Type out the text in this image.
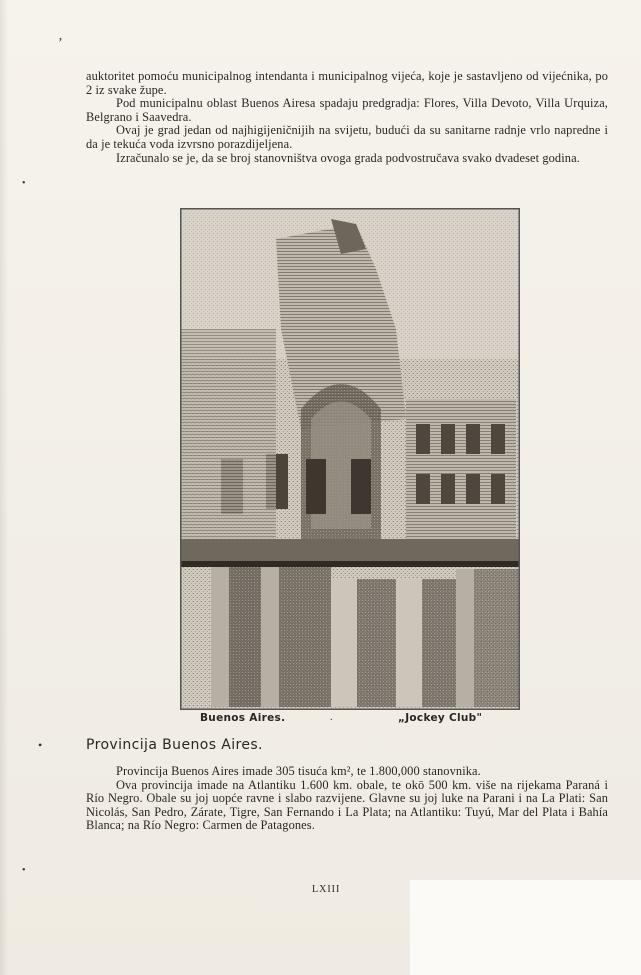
’
•
•
•

auktoritet pomoću municipalnog intendanta i municipalnog vijeća, koje je sastavljeno od vijećnika, po 2 iz svake župe.

Pod municipalnu oblast Buenos Airesa spadaju predgradja: Flores, Villa Devoto, Villa Urquiza, Belgrano i Saavedra.

Ovaj je grad jedan od najhigijeničnijih na svijetu, budući da su sanitarne radnje vrlo napredne i da je tekuća voda izvrsno porazdijeljena.

Izračunalo se je, da se broj stanovništva ovoga grada podvostručava svako dvadeset godina.

Buenos Aires.	.	„Jockey Club"
Provincija Buenos Aires.

Provincija Buenos Aires imade 305 tisuća km², te 1.800,000 stanovnika.

Ova provincija imade na Atlantiku 1.600 km. obale, te okō 500 km. više na rijekama Paraná i Río Negro. Obale su joj uopće ravne i slabo razvijene. Glavne su joj luke na Parani i na La Plati: San Nicolás, San Pedro, Zárate, Tigre, San Fernando i La Plata; na Atlantiku: Tuyú, Mar del Plata i Bahía Blanca; na Río Negro: Carmen de Patagones.

LXIII
